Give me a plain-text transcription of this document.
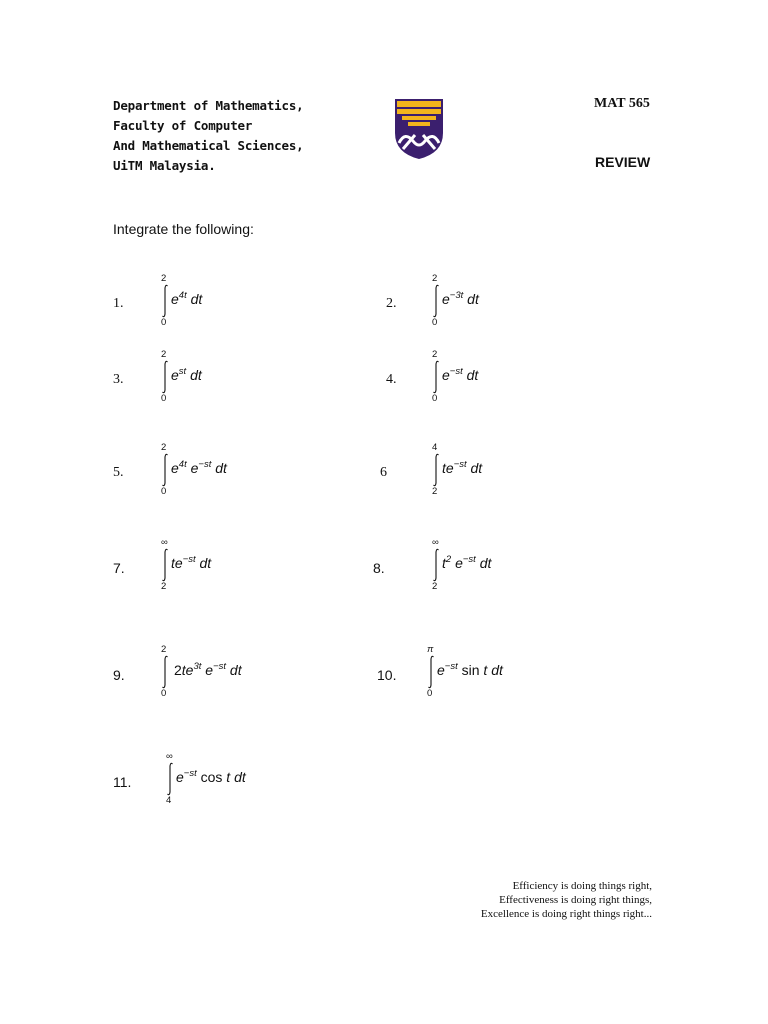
Department of Mathematics,
Faculty of Computer
And Mathematical Sciences,
UiTM Malaysia.
MAT 565
REVIEW
Integrate the following:
1.
2
0
$e^{4t}$ dt	2.
2
0
$e^{-3t}$ dt
3.
2
0
$e^{st}$ dt	4.
2
0
$e^{-st}$ dt
5.
2
0
$e^{4t}$ $e^{-st}$ dt	6
4
2
$te^{-st}$ dt
7.
∞
2
$te^{-st}$ dt	8.
∞
2
$t^2$ $e^{-st}$ dt
9.
2
0
$2te^{3t}$ $e^{-st}$ dt	10.
π
0
$e^{-st}$ sin t dt
11.
∞
4
$e^{-st}$ cos t dt
Efficiency is doing things right,
Effectiveness is doing right things,
Excellence is doing right things right...
